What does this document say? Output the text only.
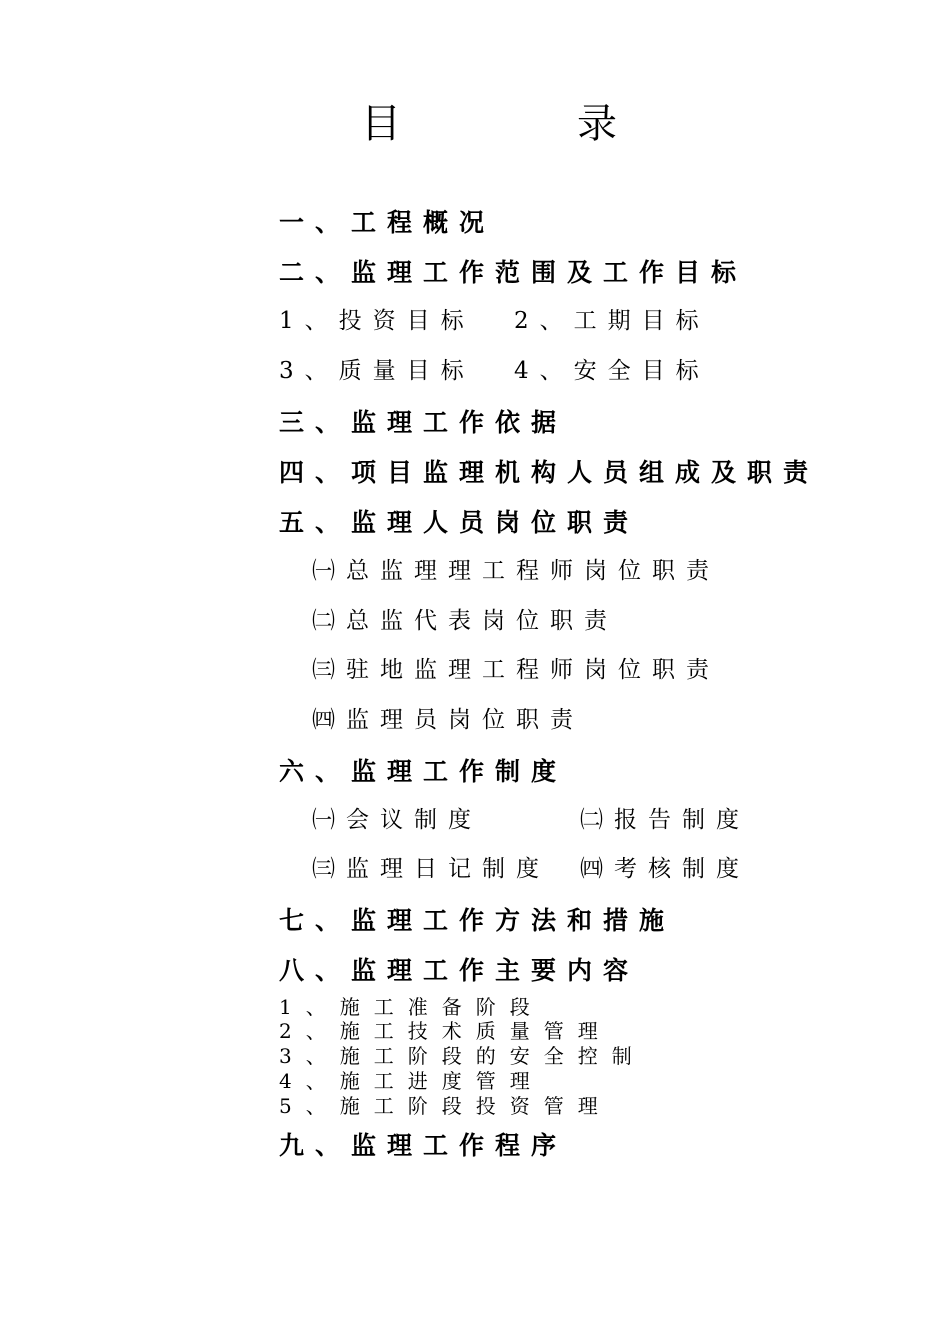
目	录
一、工程概况
二、监理工作范围及工作目标
1、投资目标 2、工期目标
3、质量目标 4、安全目标
三、监理工作依据
四、项目监理机构人员组成及职责
五、监理人员岗位职责
㈠总监理理工程师岗位职责
㈡总监代表岗位职责
㈢驻地监理工程师岗位职责
㈣监理员岗位职责
六、监理工作制度
㈠会议制度	㈡报告制度
㈢监理日记制度 ㈣考核制度
七、监理工作方法和措施
八、监理工作主要内容
1、施工准备阶段
2、施工技术质量管理
3、施工阶段的安全控制
4、施工进度管理
5、施工阶段投资管理
九、监理工作程序
